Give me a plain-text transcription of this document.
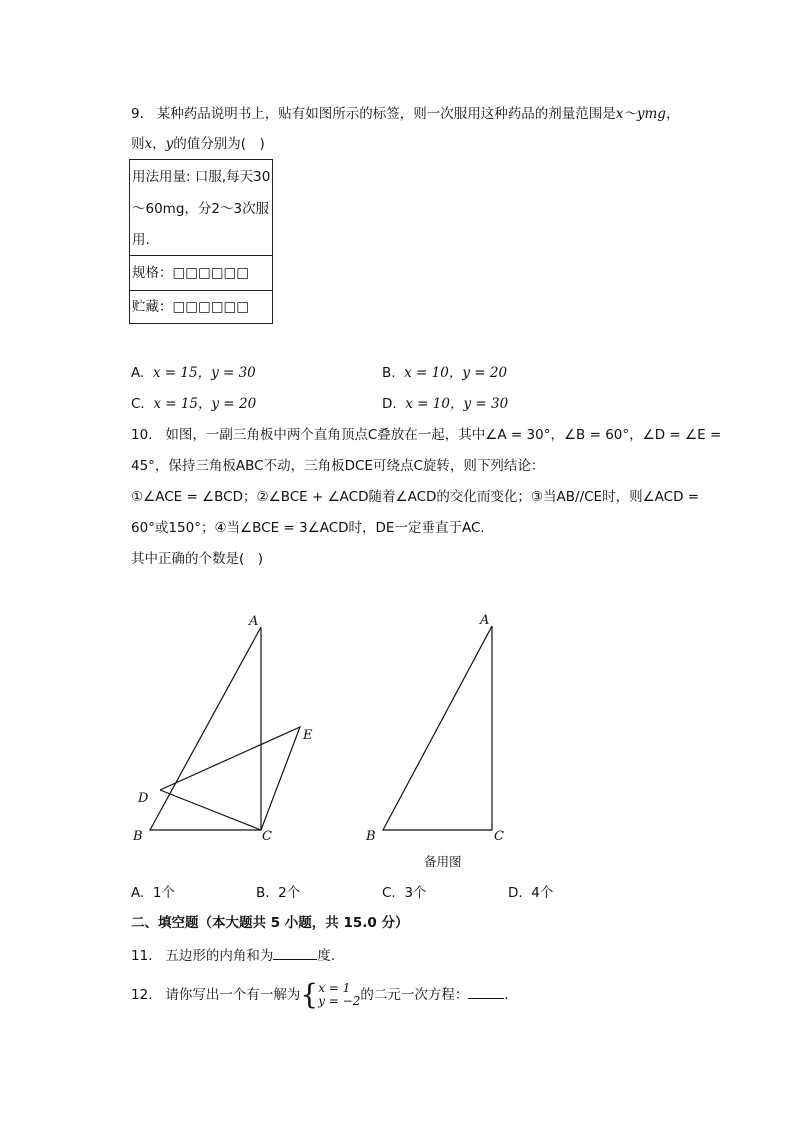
9. 某种药品说明书上，贴有如图所示的标签，则一次服用这种药品的剂量范围是x～ymg，
则x，y的值分别为(　)
用法用量: 口服,每天30
～60mg，分2～3次服
用.
规格：□□□□□□
贮藏：□□□□□□
A. x = 15，y = 30	B. x = 10，y = 20
C. x = 15，y = 20	D. x = 10，y = 30
10. 如图，一副三角板中两个直角顶点C叠放在一起，其中∠A = 30°，∠B = 60°，∠D = ∠E =
45°，保持三角板ABC不动，三角板DCE可绕点C旋转，则下列结论：
①∠ACE = ∠BCD；②∠BCE + ∠ACD随着∠ACD的交化而变化；③当AB//CE时，则∠ACD =
60°或150°；④当∠BCE = 3∠ACD时，DE一定垂直于AC．
其中正确的个数是(　)
A
B	C
D
E
A
B	C
备用图
A. 1个	B. 2个	C. 3个	D. 4个
二、填空题（本大题共 5 小题，共 15.0 分）
11. 五边形的内角和为	度．
12. 请你写出一个有一解为{ x = 1
y = −2 的二元一次方程：	．
